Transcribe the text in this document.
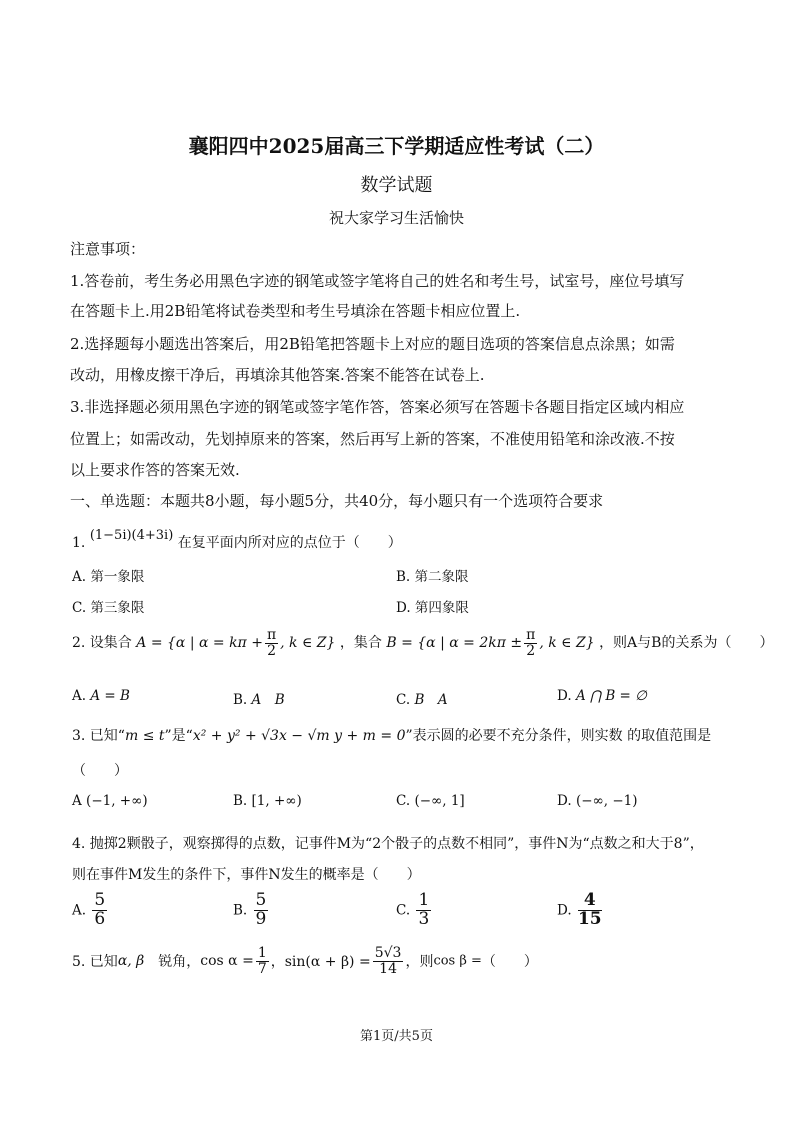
襄阳四中2025届高三下学期适应性考试（二）
数学试题
祝大家学习生活愉快
注意事项：
1.答卷前，考生务必用黑色字迹的钢笔或签字笔将自己的姓名和考生号，试室号，座位号填写
在答题卡上.用2B铅笔将试卷类型和考生号填涂在答题卡相应位置上.
2.选择题每小题选出答案后，用2B铅笔把答题卡上对应的题目选项的答案信息点涂黑；如需
改动，用橡皮擦干净后，再填涂其他答案.答案不能答在试卷上.
3.非选择题必须用黑色字迹的钢笔或签字笔作答，答案必须写在答题卡各题目指定区域内相应
位置上；如需改动，先划掉原来的答案，然后再写上新的答案，不准使用铅笔和涂改液.不按
以上要求作答的答案无效.
一、单选题：本题共8小题，每小题5分，共40分，每小题只有一个选项符合要求
1. (1−5i)(4+3i) 在复平面内所对应的点位于（　　）
A. 第一象限	B. 第二象限
C. 第三象限	D. 第四象限
2. 设集合 A = {α | $\alpha = k\pi + \frac{\pi}{2}$ , k ∈ Z} ，集合 B = {α | $\alpha = 2k\pi \pm \frac{\pi}{2}$ , k ∈ Z} ，则A与B的关系为（　　）
A. A = B	B. A　B	C. B　A	D. A ⋂ B = ∅
3. 已知“m ≤ t”是“x² + y² + √3x − √m y + m = 0”表示圆的必要不充分条件，则实数 的取值范围是
（　　）
A (−1, +∞)	B. [1, +∞)	C. (−∞, 1]	D. (−∞, −1)
4. 抛掷2颗骰子，观察掷得的点数，记事件M为“2个骰子的点数不相同”，事件N为“点数之和大于8”，
则在事件M发生的条件下，事件N发生的概率是（　　）
A. $\frac{5}{6}$	B. $\frac{5}{9}$	C. $\frac{1}{3}$	D. $\frac{4}{15}$
5. 已知α, β　锐角，$\cos \alpha = \frac{1}{7}$ ，$\sin(\alpha + \beta) = \frac{5√3}{14}$ ，则cos β =（　　）
第1页/共5页
